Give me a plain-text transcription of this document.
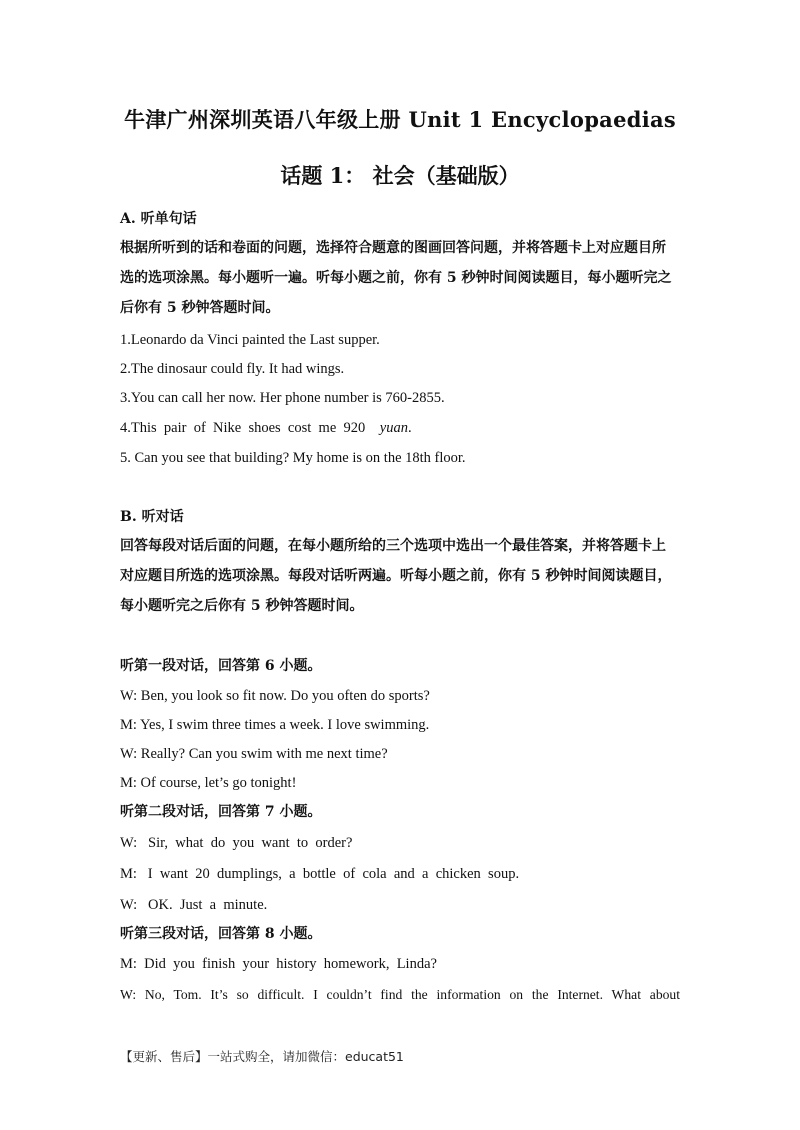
牛津广州深圳英语八年级上册 Unit 1 Encyclopaedias
话题 1： 社会（基础版）
A. 听单句话
根据所听到的话和卷面的问题，选择符合题意的图画回答问题，并将答题卡上对应题目所
选的选项涂黑。每小题听一遍。听每小题之前，你有 5 秒钟时间阅读题目，每小题听完之
后你有 5 秒钟答题时间。
1.Leonardo da Vinci painted the Last supper.
2.The dinosaur could fly. It had wings.
3.You can call her now. Her phone number is 760-2855.
4.This  pair  of  Nike  shoes  cost  me  920    yuan.
5. Can you see that building? My home is on the 18th floor.
B. 听对话
回答每段对话后面的问题，在每小题所给的三个选项中选出一个最佳答案，并将答题卡上
对应题目所选的选项涂黑。每段对话听两遍。听每小题之前，你有 5 秒钟时间阅读题目，
每小题听完之后你有 5 秒钟答题时间。
听第一段对话，回答第 6 小题。
W: Ben, you look so fit now. Do you often do sports?
M: Yes, I swim three times a week. I love swimming.
W: Really? Can you swim with me next time?
M: Of course, let’s go tonight!
听第二段对话，回答第 7 小题。
W:   Sir,  what  do  you  want  to  order?
M:   I  want  20  dumplings,  a  bottle  of  cola  and  a  chicken  soup.
W:   OK.  Just  a  minute.
听第三段对话，回答第 8 小题。
M:  Did  you  finish  your  history  homework,  Linda?
W: No, Tom. It’s so difficult. I couldn’t find the information on the Internet. What about
【更新、售后】一站式购全，请加微信：educat51
